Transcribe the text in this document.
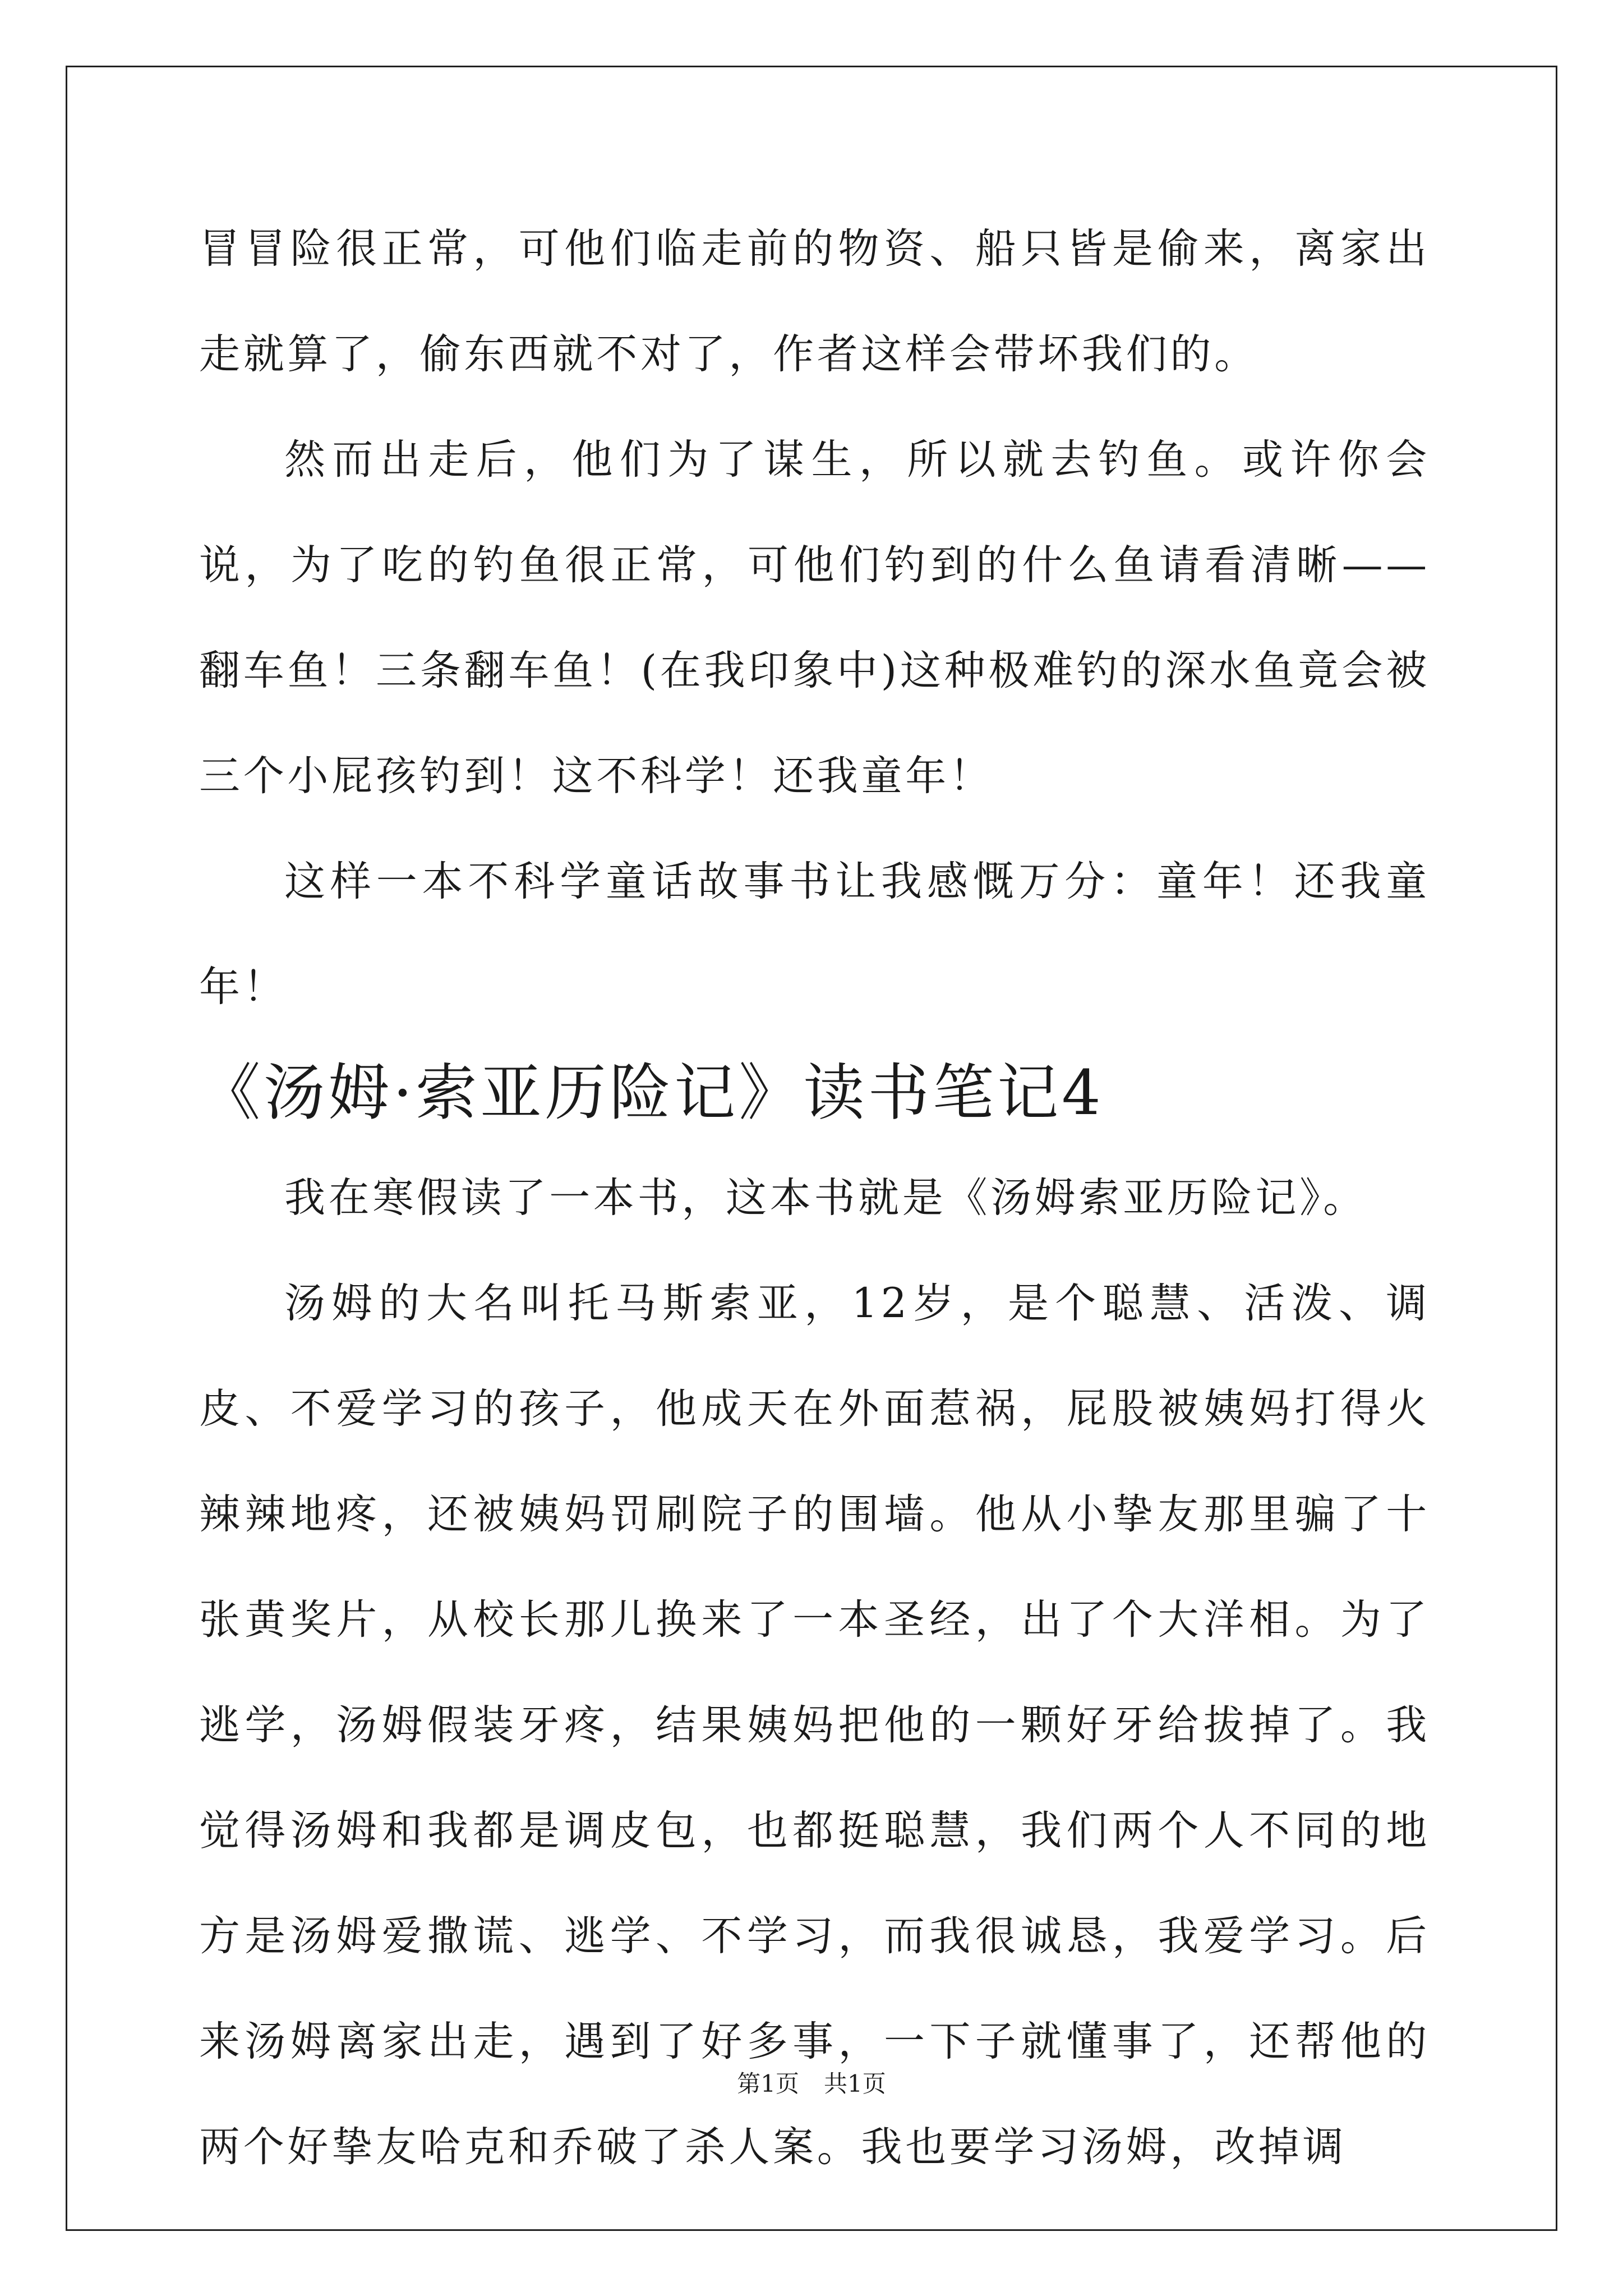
冒冒险很正常，可他们临走前的物资、船只皆是偷来，离家出走就算了，偷东西就不对了，作者这样会带坏我们的。

然而出走后，他们为了谋生，所以就去钓鱼。或许你会说，为了吃的钓鱼很正常，可他们钓到的什么鱼请看清晰——翻车鱼！三条翻车鱼！(在我印象中)这种极难钓的深水鱼竟会被三个小屁孩钓到！这不科学！还我童年！

这样一本不科学童话故事书让我感慨万分：童年！还我童年！

《汤姆·索亚历险记》读书笔记4

我在寒假读了一本书，这本书就是《汤姆索亚历险记》。

汤姆的大名叫托马斯索亚，12岁，是个聪慧、活泼、调皮、不爱学习的孩子，他成天在外面惹祸，屁股被姨妈打得火辣辣地疼，还被姨妈罚刷院子的围墙。他从小挚友那里骗了十张黄奖片，从校长那儿换来了一本圣经，出了个大洋相。为了逃学，汤姆假装牙疼，结果姨妈把他的一颗好牙给拔掉了。我觉得汤姆和我都是调皮包，也都挺聪慧，我们两个人不同的地方是汤姆爱撒谎、逃学、不学习，而我很诚恳，我爱学习。后来汤姆离家出走，遇到了好多事，一下子就懂事了，还帮他的两个好挚友哈克和乔破了杀人案。我也要学习汤姆，改掉调

第1页 共1页
